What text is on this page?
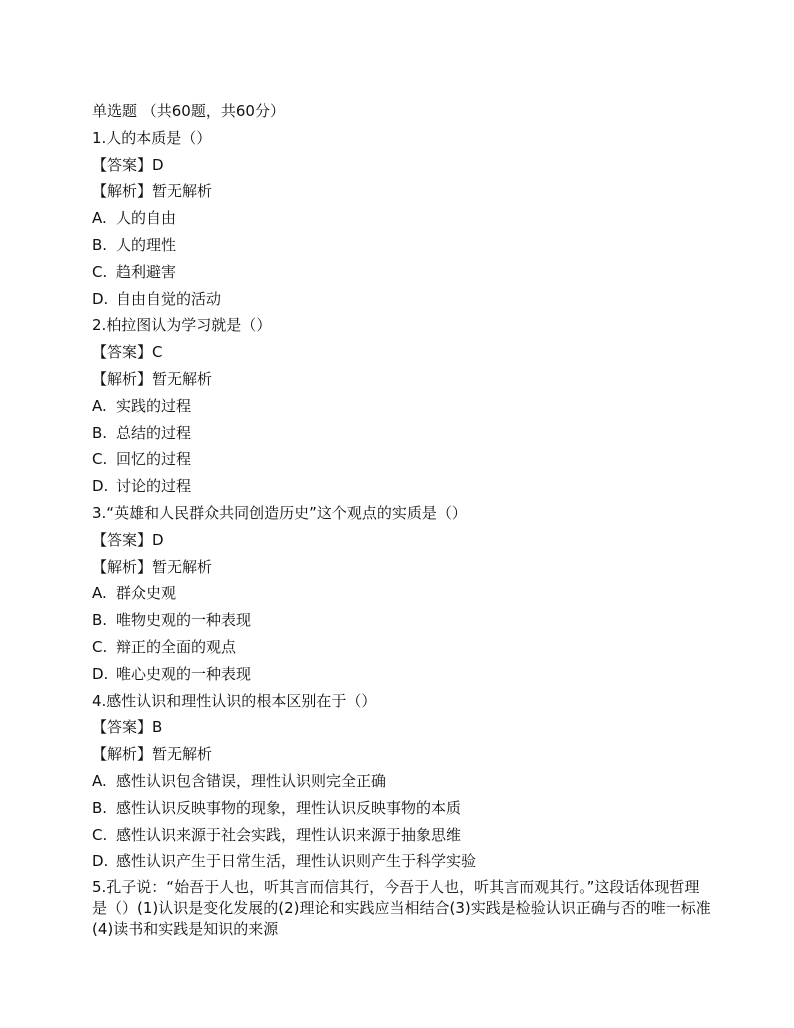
单选题 （共60题，共60分）
1.人的本质是（）
【答案】D
【解析】暂无解析
A. 人的自由
B. 人的理性
C. 趋利避害
D. 自由自觉的活动
2.柏拉图认为学习就是（）
【答案】C
【解析】暂无解析
A. 实践的过程
B. 总结的过程
C. 回忆的过程
D. 讨论的过程
3.“英雄和人民群众共同创造历史”这个观点的实质是（）
【答案】D
【解析】暂无解析
A. 群众史观
B. 唯物史观的一种表现
C. 辩正的全面的观点
D. 唯心史观的一种表现
4.感性认识和理性认识的根本区别在于（）
【答案】B
【解析】暂无解析
A. 感性认识包含错误，理性认识则完全正确
B. 感性认识反映事物的现象，理性认识反映事物的本质
C. 感性认识来源于社会实践，理性认识来源于抽象思维
D. 感性认识产生于日常生活，理性认识则产生于科学实验
5.孔子说：“始吾于人也，听其言而信其行，今吾于人也，听其言而观其行。”这段话体现哲理是（）(1)认识是变化发展的(2)理论和实践应当相结合(3)实践是检验认识正确与否的唯一标准(4)读书和实践是知识的来源
